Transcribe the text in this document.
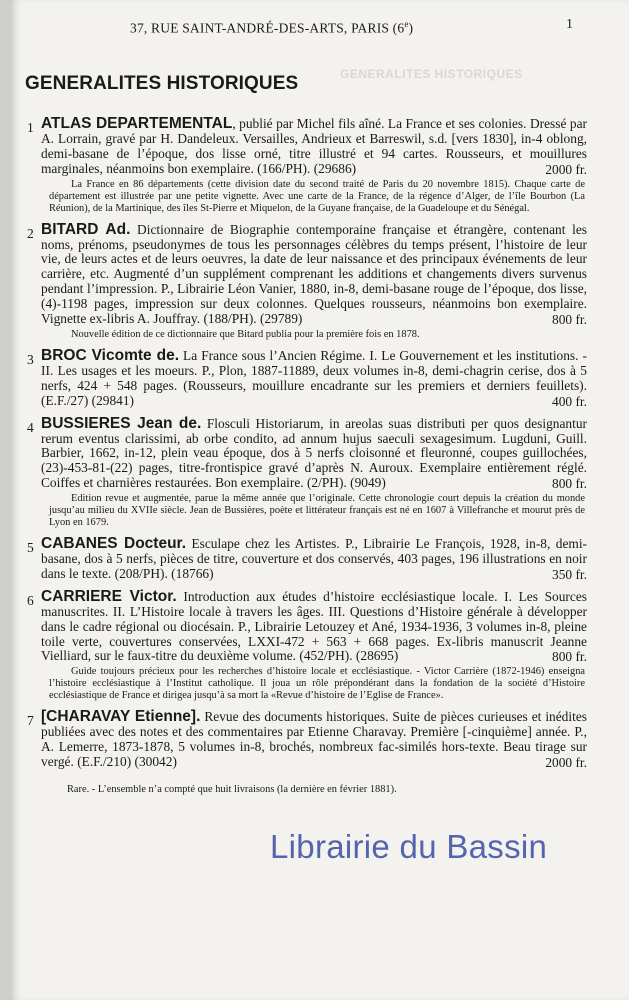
GENERALITES HISTORIQUES
37, RUE SAINT-ANDRÉ-DES-ARTS, PARIS (6e)	1
GENERALITES HISTORIQUES
1 ATLAS DEPARTEMENTAL, publié par Michel fils aîné. La France et ses colonies. Dressé par A. Lorrain, gravé par H. Dandeleux. Versailles, Andrieux et Barreswil, s.d. [vers 1830], in-4 oblong, demi-basane de l’époque, dos lisse orné, titre illustré et 94 cartes. Rousseurs, et mouillures marginales, néanmoins bon exemplaire. (166/PH). (29686)	2000 fr.
La France en 86 départements (cette division date du second traité de Paris du 20 novembre 1815). Chaque carte de département est illustrée par une petite vignette. Avec une carte de la France, de la régence d’Alger, de l’île Bourbon (La Réunion), de la Martinique, des îles St-Pierre et Miquelon, de la Guyane française, de la Guadeloupe et du Sénégal.
2 BITARD Ad. Dictionnaire de Biographie contemporaine française et étrangère, contenant les noms, prénoms, pseudonymes de tous les personnages célèbres du temps présent, l’histoire de leur vie, de leurs actes et de leurs oeuvres, la date de leur naissance et des principaux événements de leur carrière, etc. Augmenté d’un supplément comprenant les additions et changements divers survenus pendant l’impression. P., Librairie Léon Vanier, 1880, in-8, demi-basane rouge de l’époque, dos lisse, (4)-1198 pages, impression sur deux colonnes. Quelques rousseurs, néanmoins bon exemplaire. Vignette ex-libris A. Jouffray. (188/PH). (29789)	800 fr.
Nouvelle édition de ce dictionnaire que Bitard publia pour la première fois en 1878.
3 BROC Vicomte de. La France sous l’Ancien Régime. I. Le Gouvernement et les institutions. - II. Les usages et les moeurs. P., Plon, 1887-11889, deux volumes in-8, demi-chagrin cerise, dos à 5 nerfs, 424 + 548 pages. (Rousseurs, mouillure encadrante sur les premiers et derniers feuillets). (E.F./27) (29841)	400 fr.
4 BUSSIERES Jean de. Flosculi Historiarum, in areolas suas distributi per quos designantur rerum eventus clarissimi, ab orbe condito, ad annum hujus saeculi sexagesimum. Lugduni, Guill. Barbier, 1662, in-12, plein veau époque, dos à 5 nerfs cloisonné et fleuronné, coupes guillochées, (23)-453-81-(22) pages, titre-frontispice gravé d’après N. Auroux. Exemplaire entièrement réglé. Coiffes et charnières restaurées. Bon exemplaire. (2/PH). (9049)	800 fr.
Edition revue et augmentée, parue la même année que l’originale. Cette chronologie court depuis la création du monde jusqu’au milieu du XVIIe siècle. Jean de Bussières, poète et littérateur français est né en 1607 à Villefranche et mourut près de Lyon en 1679.
5 CABANES Docteur. Esculape chez les Artistes. P., Librairie Le François, 1928, in-8, demi-basane, dos à 5 nerfs, pièces de titre, couverture et dos conservés, 403 pages, 196 illustrations en noir dans le texte. (208/PH). (18766)	350 fr.
6 CARRIERE Victor. Introduction aux études d’histoire ecclésiastique locale. I. Les Sources manuscrites. II. L’Histoire locale à travers les âges. III. Questions d’Histoire générale à développer dans le cadre régional ou diocésain. P., Librairie Letouzey et Ané, 1934-1936, 3 volumes in-8, pleine toile verte, couvertures conservées, LXXI-472 + 563 + 668 pages. Ex-libris manuscrit Jeanne Vielliard, sur le faux-titre du deuxième volume. (452/PH). (28695)	800 fr.
Guide toujours précieux pour les recherches d’histoire locale et ecclésiastique. - Victor Carrière (1872-1946) enseigna l’histoire ecclésiastique à l’Institut catholique. Il joua un rôle prépondérant dans la fondation de la société d’Histoire ecclésiastique de France et dirigea jusqu’à sa mort la «Revue d’histoire de l’Eglise de France».
7 [CHARAVAY Etienne]. Revue des documents historiques. Suite de pièces curieuses et inédites publiées avec des notes et des commentaires par Etienne Charavay. Première [-cinquième] année. P., A. Lemerre, 1873-1878, 5 volumes in-8, brochés, nombreux fac-similés hors-texte. Beau tirage sur vergé. (E.F./210) (30042)	2000 fr.
Rare. - L’ensemble n’a compté que huit livraisons (la dernière en février 1881).
Librairie du Bassin
